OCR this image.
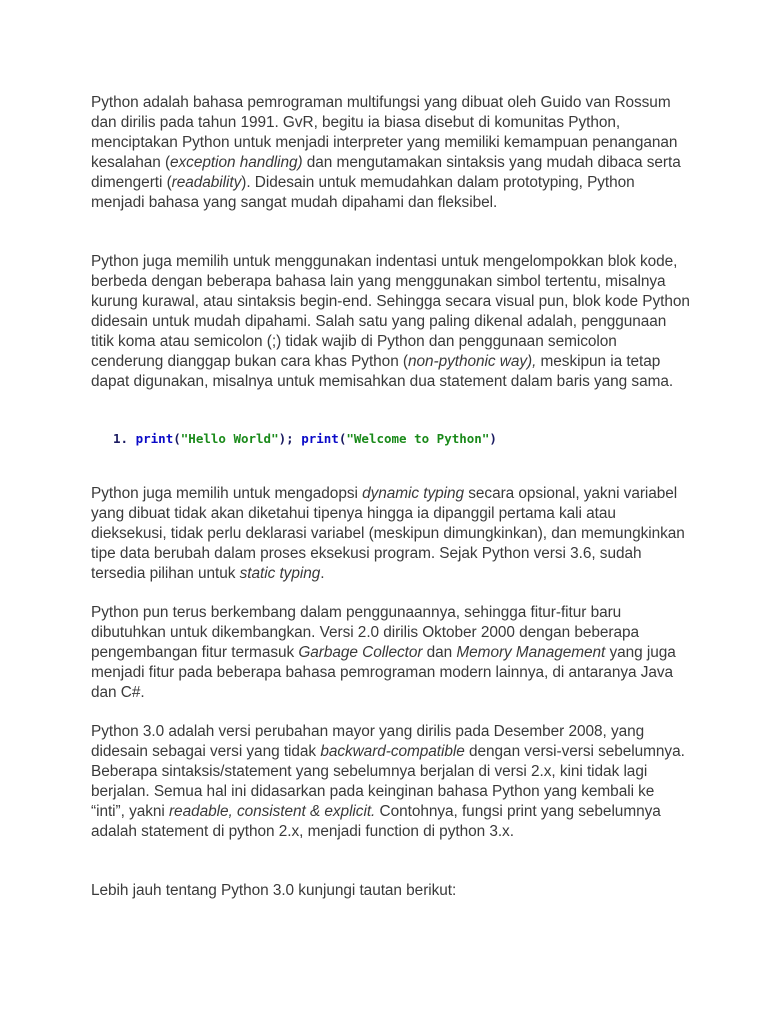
Python adalah bahasa pemrograman multifungsi yang dibuat oleh Guido van Rossum dan dirilis pada tahun 1991. GvR, begitu ia biasa disebut di komunitas Python, menciptakan Python untuk menjadi interpreter yang memiliki kemampuan penanganan kesalahan (exception handling) dan mengutamakan sintaksis yang mudah dibaca serta dimengerti (readability). Didesain untuk memudahkan dalam prototyping, Python menjadi bahasa yang sangat mudah dipahami dan fleksibel.

Python juga memilih untuk menggunakan indentasi untuk mengelompokkan blok kode, berbeda dengan beberapa bahasa lain yang menggunakan simbol tertentu, misalnya kurung kurawal, atau sintaksis begin-end. Sehingga secara visual pun, blok kode Python didesain untuk mudah dipahami. Salah satu yang paling dikenal adalah, penggunaan titik koma atau semicolon (;) tidak wajib di Python dan penggunaan semicolon cenderung dianggap bukan cara khas Python (non-pythonic way), meskipun ia tetap dapat digunakan, misalnya untuk memisahkan dua statement dalam baris yang sama.

1. print("Hello World"); print("Welcome to Python")

Python juga memilih untuk mengadopsi dynamic typing secara opsional, yakni variabel yang dibuat tidak akan diketahui tipenya hingga ia dipanggil pertama kali atau dieksekusi, tidak perlu deklarasi variabel (meskipun dimungkinkan), dan memungkinkan tipe data berubah dalam proses eksekusi program. Sejak Python versi 3.6, sudah tersedia pilihan untuk static typing.

Python pun terus berkembang dalam penggunaannya, sehingga fitur-fitur baru dibutuhkan untuk dikembangkan. Versi 2.0 dirilis Oktober 2000 dengan beberapa pengembangan fitur termasuk Garbage Collector dan Memory Management yang juga menjadi fitur pada beberapa bahasa pemrograman modern lainnya, di antaranya Java dan C#.

Python 3.0 adalah versi perubahan mayor yang dirilis pada Desember 2008, yang didesain sebagai versi yang tidak backward-compatible dengan versi-versi sebelumnya. Beberapa sintaksis/statement yang sebelumnya berjalan di versi 2.x, kini tidak lagi berjalan. Semua hal ini didasarkan pada keinginan bahasa Python yang kembali ke “inti”, yakni readable, consistent & explicit. Contohnya, fungsi print yang sebelumnya adalah statement di python 2.x, menjadi function di python 3.x.

Lebih jauh tentang Python 3.0 kunjungi tautan berikut:
